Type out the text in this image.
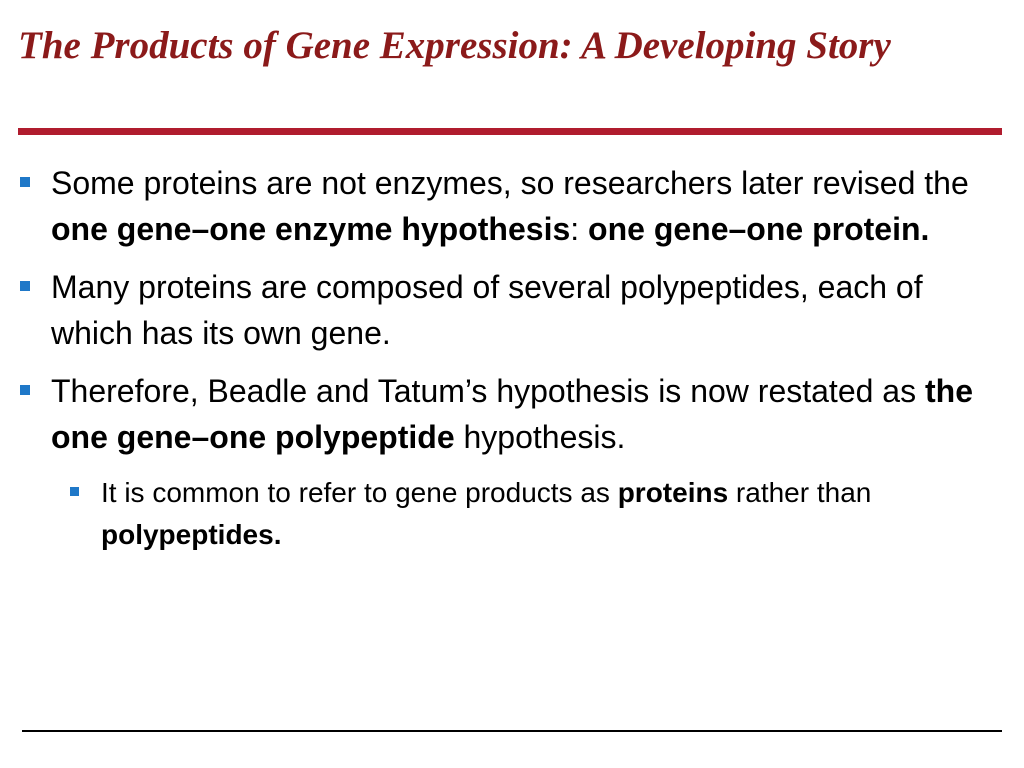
The Products of Gene Expression: A Developing Story
Some proteins are not enzymes, so researchers later revised the one gene–one enzyme hypothesis: one gene–one protein.
Many proteins are composed of several polypeptides, each of which has its own gene.
Therefore, Beadle and Tatum’s hypothesis is now restated as the one gene–one polypeptide hypothesis.
It is common to refer to gene products as proteins rather than polypeptides.
